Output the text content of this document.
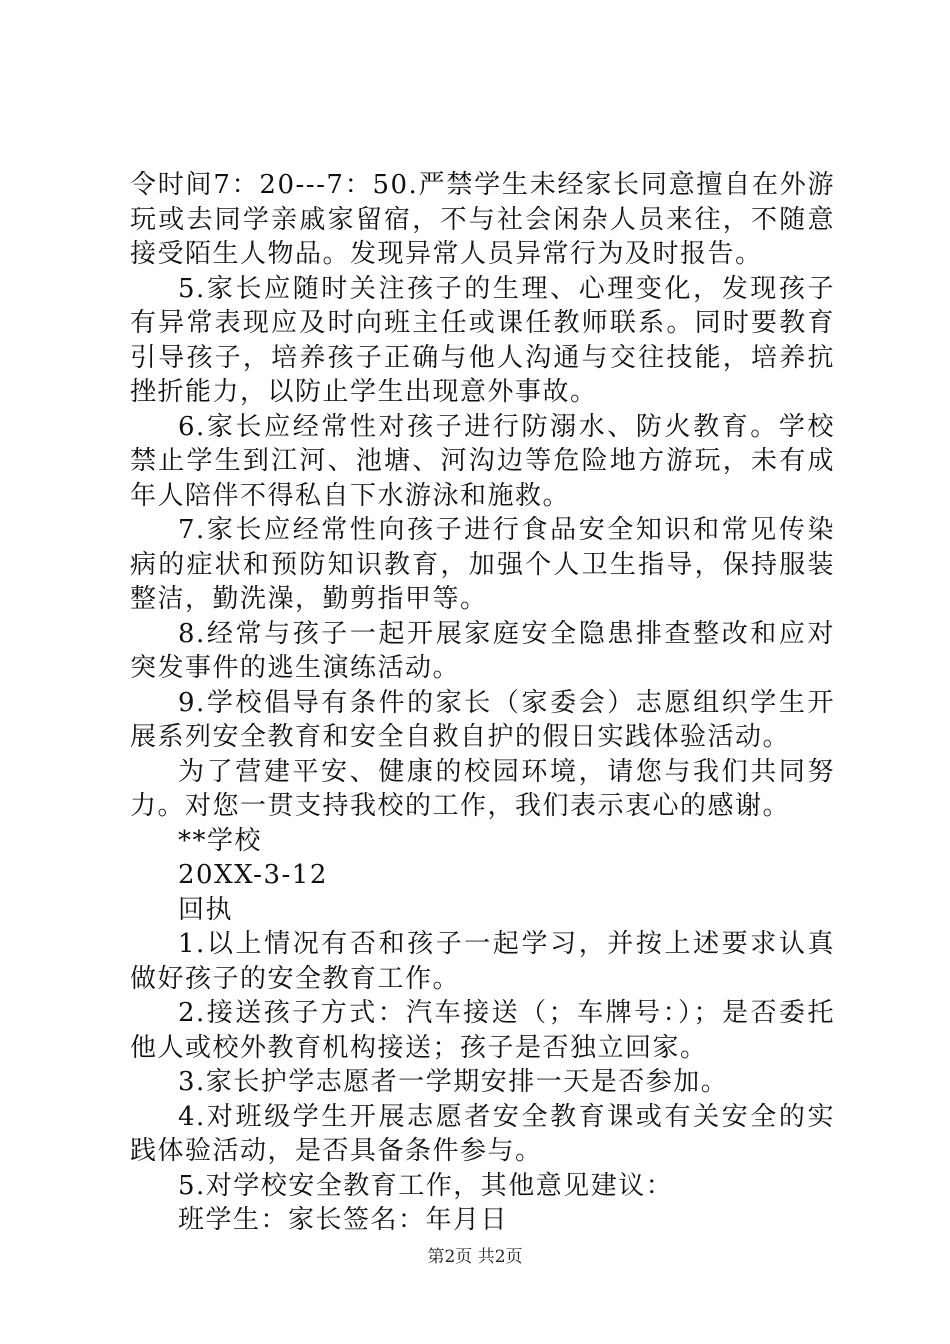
令时间7：20---7：50.严禁学生未经家长同意擅自在外游玩或去同学亲戚家留宿，不与社会闲杂人员来往，不随意接受陌生人物品。发现异常人员异常行为及时报告。

5.家长应随时关注孩子的生理、心理变化，发现孩子有异常表现应及时向班主任或课任教师联系。同时要教育引导孩子，培养孩子正确与他人沟通与交往技能，培养抗挫折能力，以防止学生出现意外事故。

6.家长应经常性对孩子进行防溺水、防火教育。学校禁止学生到江河、池塘、河沟边等危险地方游玩，未有成年人陪伴不得私自下水游泳和施救。

7.家长应经常性向孩子进行食品安全知识和常见传染病的症状和预防知识教育，加强个人卫生指导，保持服装整洁，勤洗澡，勤剪指甲等。

8.经常与孩子一起开展家庭安全隐患排查整改和应对突发事件的逃生演练活动。

9.学校倡导有条件的家长（家委会）志愿组织学生开展系列安全教育和安全自救自护的假日实践体验活动。

为了营建平安、健康的校园环境，请您与我们共同努力。对您一贯支持我校的工作，我们表示衷心的感谢。

**学校

20XX-3-12

回执

1.以上情况有否和孩子一起学习，并按上述要求认真做好孩子的安全教育工作。

2.接送孩子方式：汽车接送（；车牌号：）；是否委托他人或校外教育机构接送；孩子是否独立回家。

3.家长护学志愿者一学期安排一天是否参加。

4.对班级学生开展志愿者安全教育课或有关安全的实践体验活动，是否具备条件参与。

5.对学校安全教育工作，其他意见建议：

班学生：家长签名：年月日

第2页 共2页
